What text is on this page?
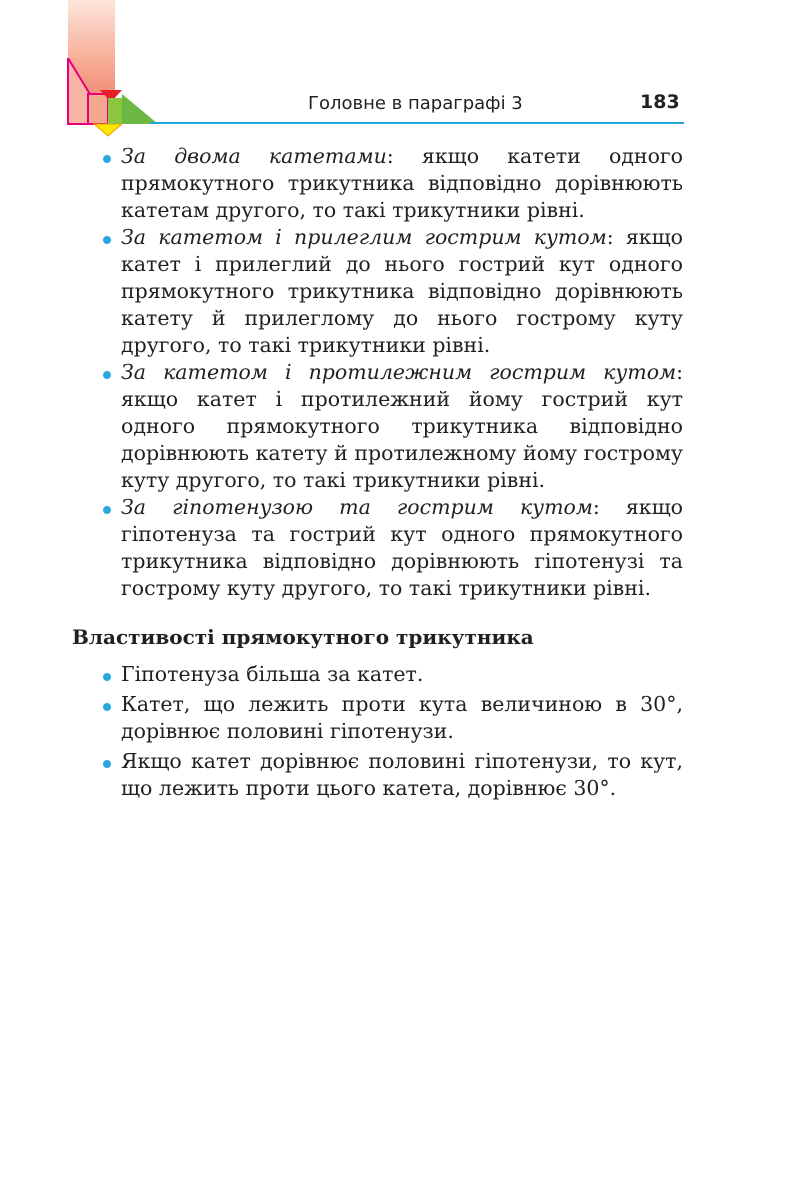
Головне в параграфі 3	183
За двома катетами: якщо катети одного прямокутного трикутника відповідно дорівнюють катетам другого, то такі трикутники рівні.
За катетом і прилеглим гострим кутом: якщо катет і прилеглий до нього гострий кут одного прямокутного трикутника відповідно дорівнюють катету й прилеглому до нього гострому куту другого, то такі трикутники рівні.
За катетом і протилежним гострим кутом: якщо катет і протилежний йому гострий кут одного прямокутного трикутника відповідно дорівнюють катету й протилежному йому гострому куту другого, то такі трикутники рівні.
За гіпотенузою та гострим кутом: якщо гіпотенуза та гострий кут одного прямокутного трикутника відповідно дорівнюють гіпотенузі та гострому куту другого, то такі трикутники рівні.
Властивості прямокутного трикутника
Гіпотенуза більша за катет.
Катет, що лежить проти кута величиною в 30°, дорівнює половині гіпотенузи.
Якщо катет дорівнює половині гіпотенузи, то кут, що лежить проти цього катета, дорівнює 30°.
